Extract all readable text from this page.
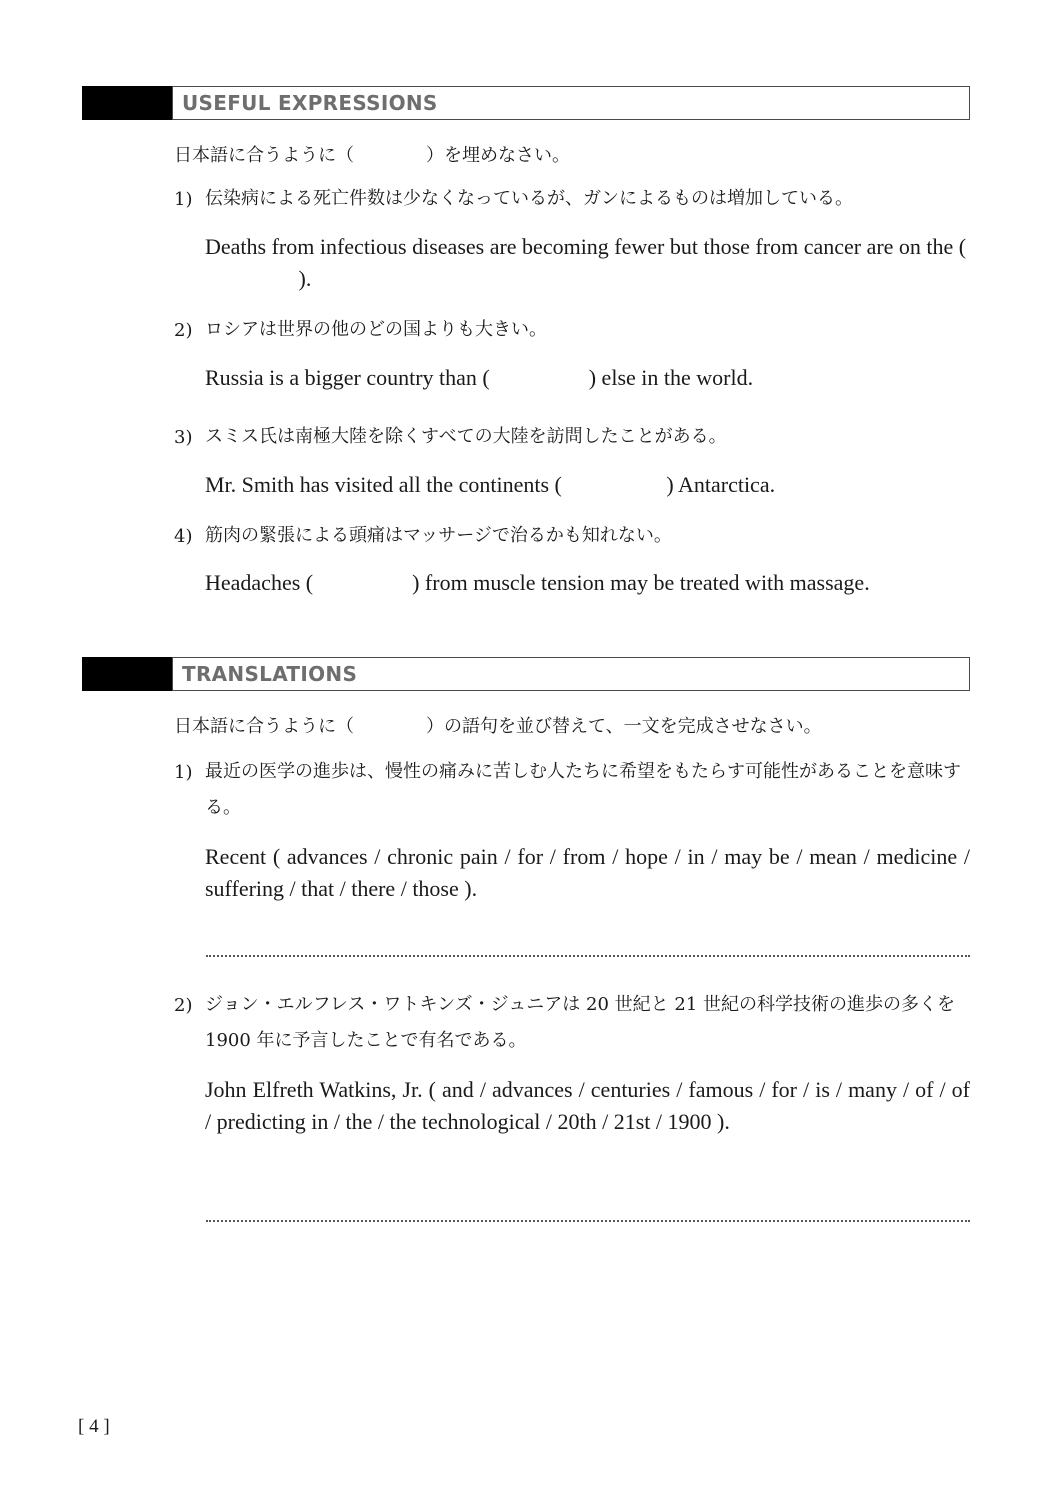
USEFUL EXPRESSIONS
日本語に合うように（　　　　）を埋めなさい。
1) 伝染病による死亡件数は少なくなっているが、ガンによるものは増加している。
Deaths from infectious diseases are becoming fewer but those from cancer are on the (                 ).
2) ロシアは世界の他のどの国よりも大きい。
Russia is a bigger country than (	) else in the world.
3) スミス氏は南極大陸を除くすべての大陸を訪問したことがある。
Mr. Smith has visited all the continents (	) Antarctica.
4) 筋肉の緊張による頭痛はマッサージで治るかも知れない。
Headaches (	) from muscle tension may be treated with massage.
TRANSLATIONS
日本語に合うように（　　　　）の語句を並び替えて、一文を完成させなさい。
1) 最近の医学の進歩は、慢性の痛みに苦しむ人たちに希望をもたらす可能性があることを意味する。
Recent ( advances / chronic pain / for / from / hope / in / may be / mean / medicine / suffering / that / there / those ).
2) ジョン・エルフレス・ワトキンズ・ジュニアは 20 世紀と 21 世紀の科学技術の進歩の多くを 1900 年に予言したことで有名である。
John Elfreth Watkins, Jr. ( and / advances / centuries / famous / for / is / many / of / of / predicting in / the / the technological / 20th / 21st / 1900 ).
[ 4 ]
